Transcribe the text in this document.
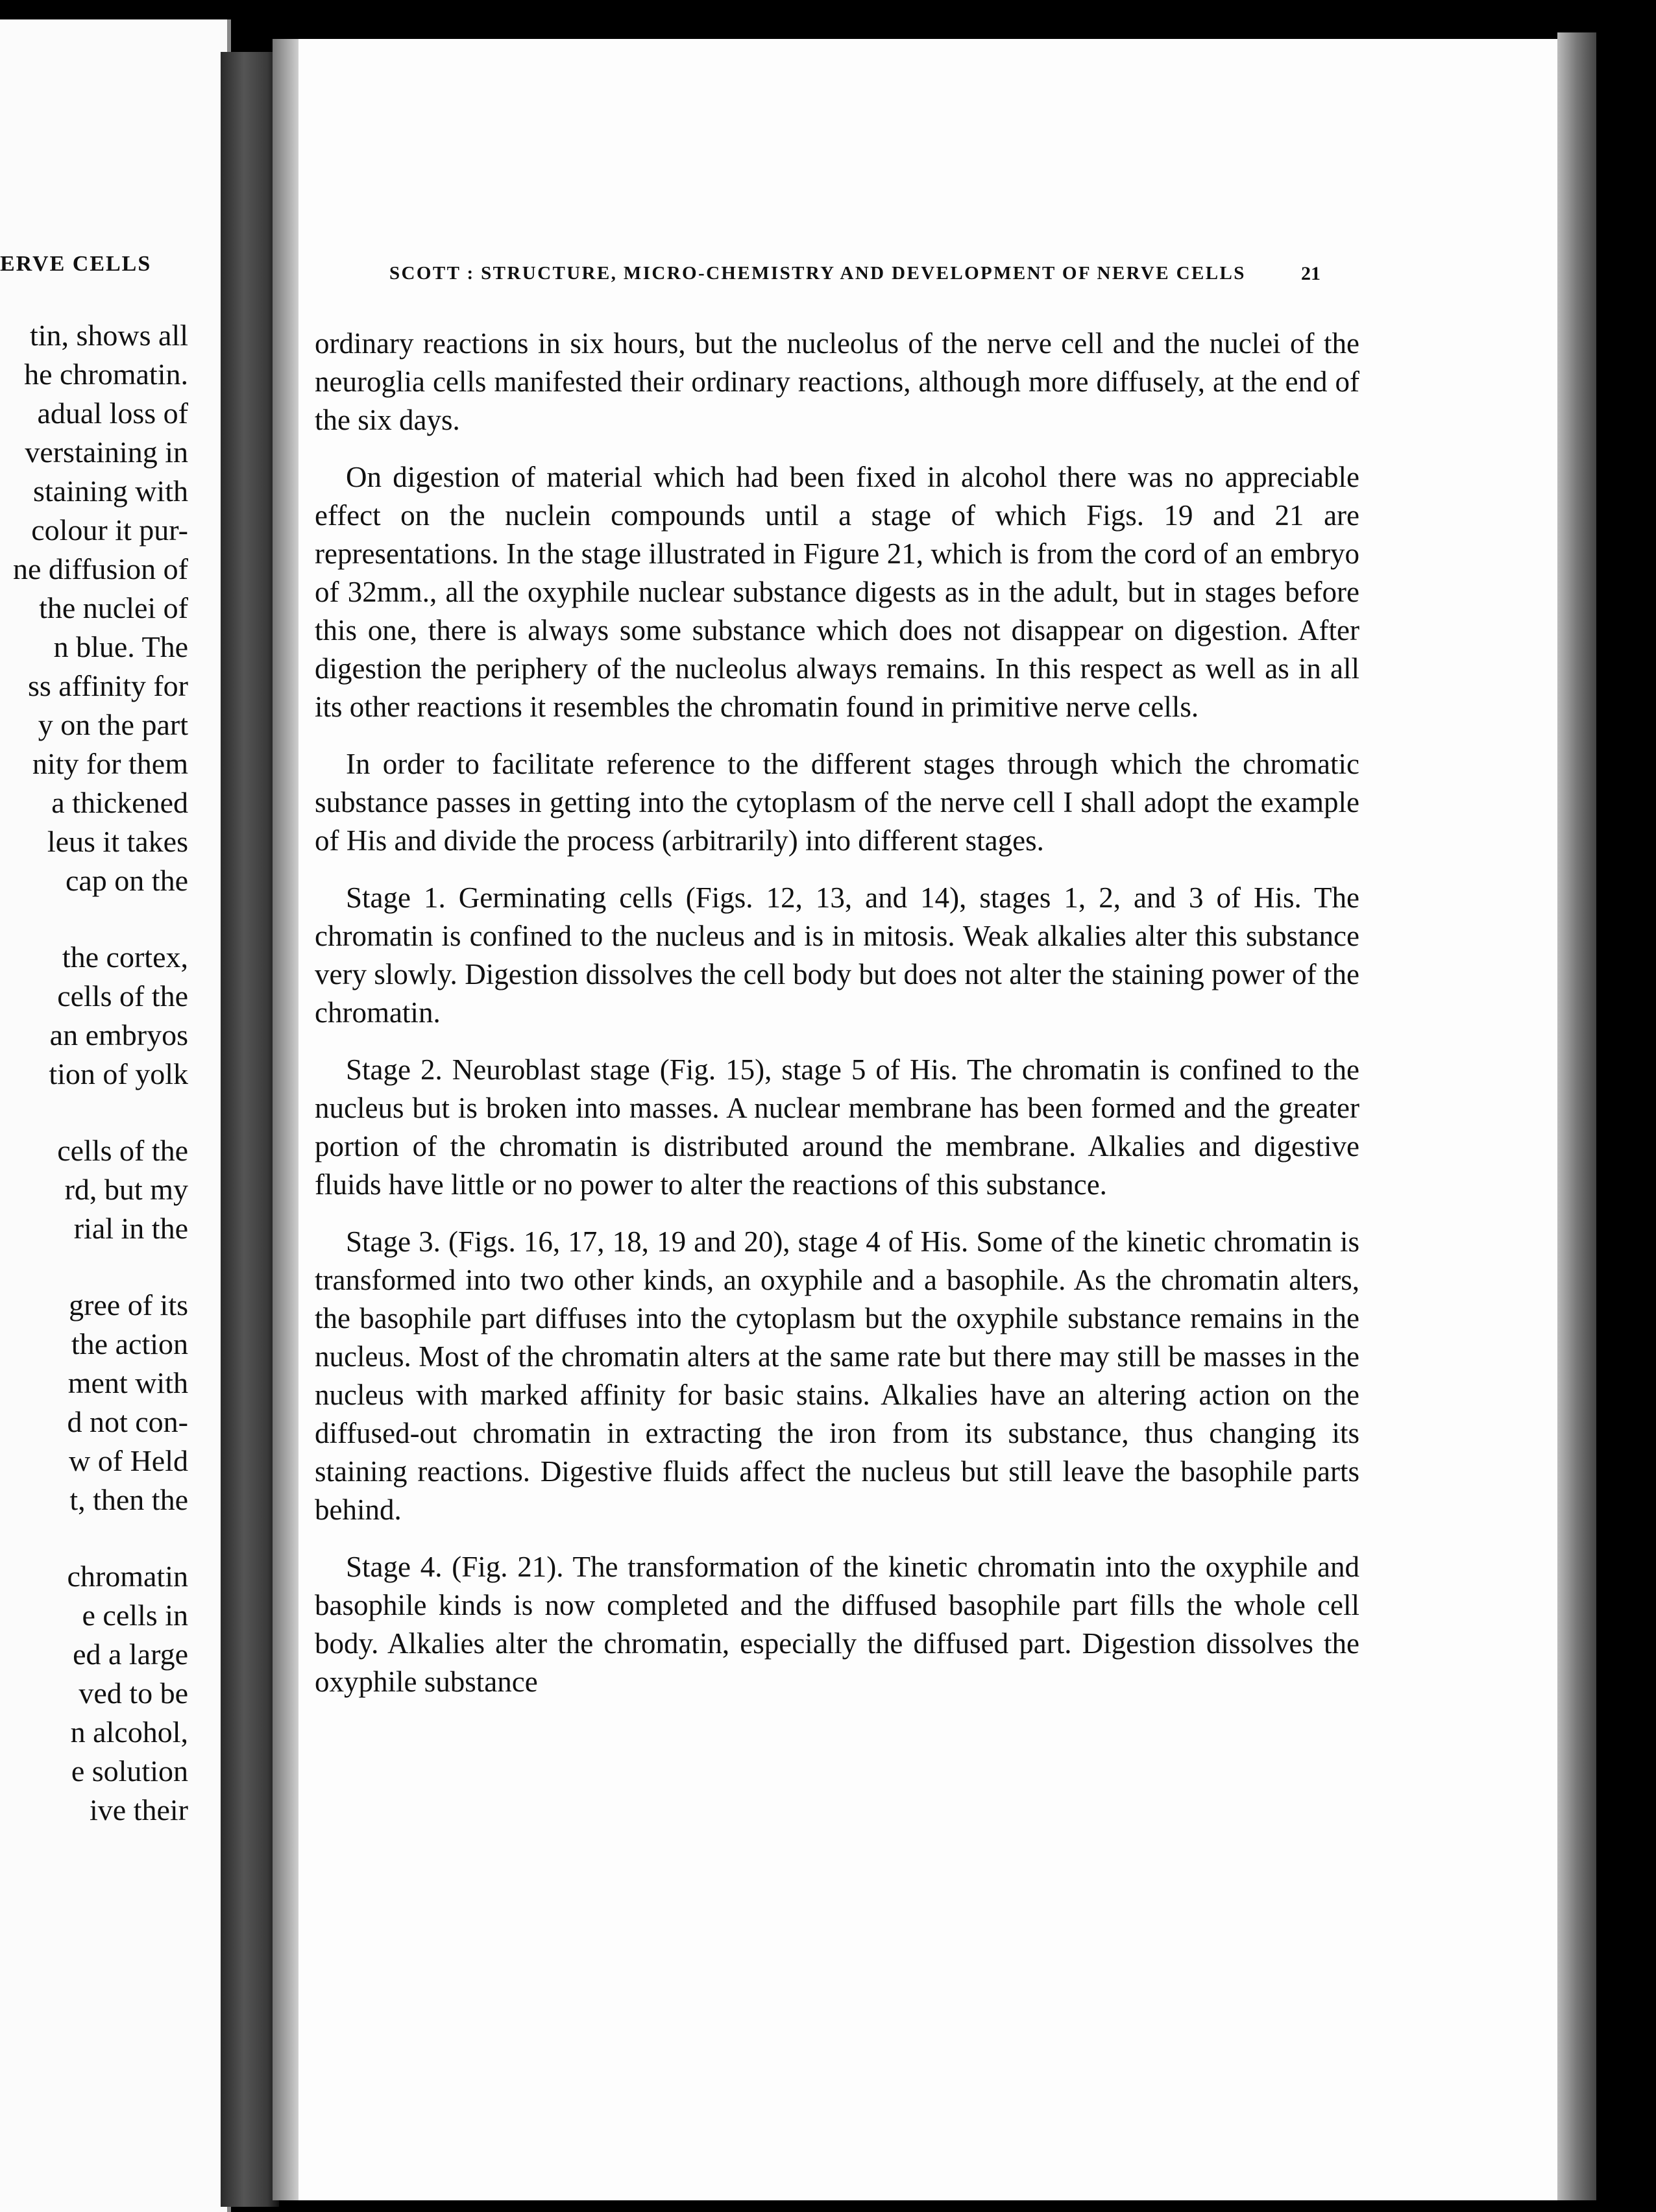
ERVE CELLS
tin, shows all
he chromatin.
adual loss of
verstaining in
staining with
colour it pur-
ne diffusion of
the nuclei of
n blue. The
ss affinity for
y on the part
nity for them
a thickened
leus it takes
cap on the
the cortex,
cells of the
an embryos
tion of yolk
cells of the
rd, but my
rial in the
gree of its
the action
ment with
d not con-
w of Held
t, then the
chromatin
e cells in
ed a large
ved to be
n alcohol,
e solution
ive their
SCOTT : STRUCTURE, MICRO-CHEMISTRY AND DEVELOPMENT OF NERVE CELLS	21

ordinary reactions in six hours, but the nucleolus of the nerve cell and the nuclei of the neuroglia cells manifested their ordinary reactions, although more diffusely, at the end of the six days.

On digestion of material which had been fixed in alcohol there was no appreciable effect on the nuclein compounds until a stage of which Figs. 19 and 21 are representations. In the stage illustrated in Figure 21, which is from the cord of an embryo of 32mm., all the oxyphile nuclear substance digests as in the adult, but in stages before this one, there is always some substance which does not disappear on digestion. After digestion the periphery of the nucleolus always remains. In this respect as well as in all its other reactions it resembles the chromatin found in primitive nerve cells.

In order to facilitate reference to the different stages through which the chromatic substance passes in getting into the cytoplasm of the nerve cell I shall adopt the example of His and divide the process (arbitrarily) into different stages.

Stage 1. Germinating cells (Figs. 12, 13, and 14), stages 1, 2, and 3 of His. The chromatin is confined to the nucleus and is in mitosis. Weak alkalies alter this substance very slowly. Digestion dissolves the cell body but does not alter the staining power of the chromatin.

Stage 2. Neuroblast stage (Fig. 15), stage 5 of His. The chromatin is confined to the nucleus but is broken into masses. A nuclear membrane has been formed and the greater portion of the chromatin is distributed around the membrane. Alkalies and digestive fluids have little or no power to alter the reactions of this substance.

Stage 3. (Figs. 16, 17, 18, 19 and 20), stage 4 of His. Some of the kinetic chromatin is transformed into two other kinds, an oxyphile and a basophile. As the chromatin alters, the basophile part diffuses into the cytoplasm but the oxyphile substance remains in the nucleus. Most of the chromatin alters at the same rate but there may still be masses in the nucleus with marked affinity for basic stains. Alkalies have an altering action on the diffused-out chromatin in extracting the iron from its substance, thus changing its staining reactions. Digestive fluids affect the nucleus but still leave the basophile parts behind.

Stage 4. (Fig. 21). The transformation of the kinetic chromatin into the oxyphile and basophile kinds is now completed and the diffused basophile part fills the whole cell body. Alkalies alter the chromatin, especially the diffused part. Digestion dissolves the oxyphile substance
